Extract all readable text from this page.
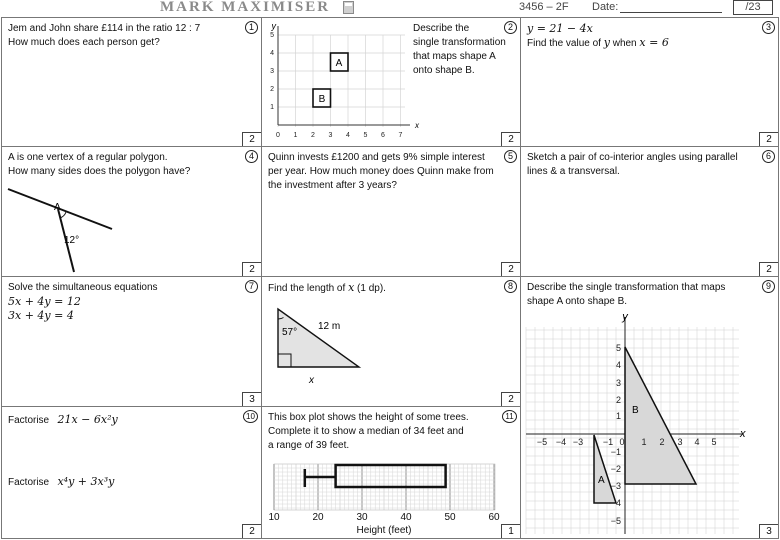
MARK MAXIMISER	3456 – 2F Date:	/23
Jem and John share £114 in the ratio 12 : 7
How much does each person get?
1
2
A
B
y
x
0 1 2 3 4 5 6 7
1
2
3
4
5
Describe the
single transformation
that maps shape A
onto shape B.
2
2
y = 21 − 4x
Find the value of y when x = 6
3
2
A is one vertex of a regular polygon.
How many sides does the polygon have?
A
12°
4
2
Quinn invests £1200 and gets 9% simple interest
per year. How much money does Quinn make from
the investment after 3 years?
5
2
Sketch a pair of co-interior angles using parallel
lines & a transversal.
6
2
Solve the simultaneous equations
5x + 4y = 12
3x + 4y = 4
7
3
Find the length of x (1 dp).
57°
12 m
x
8
2
Describe the single transformation that maps
shape A onto shape B.
B
A
y
x
−5 −4 −3 −1 0 1 2 3 4 5
5
4
3
2
1
−1
−2
−3
−4
−5
9
3
Factorise 21x − 6x²y
Factorise x⁴y + 3x³y
10
2
This box plot shows the height of some trees.
Complete it to show a median of 34 feet and
a range of 39 feet.
10	20	30	40	50	60
Height (feet)
11
1
